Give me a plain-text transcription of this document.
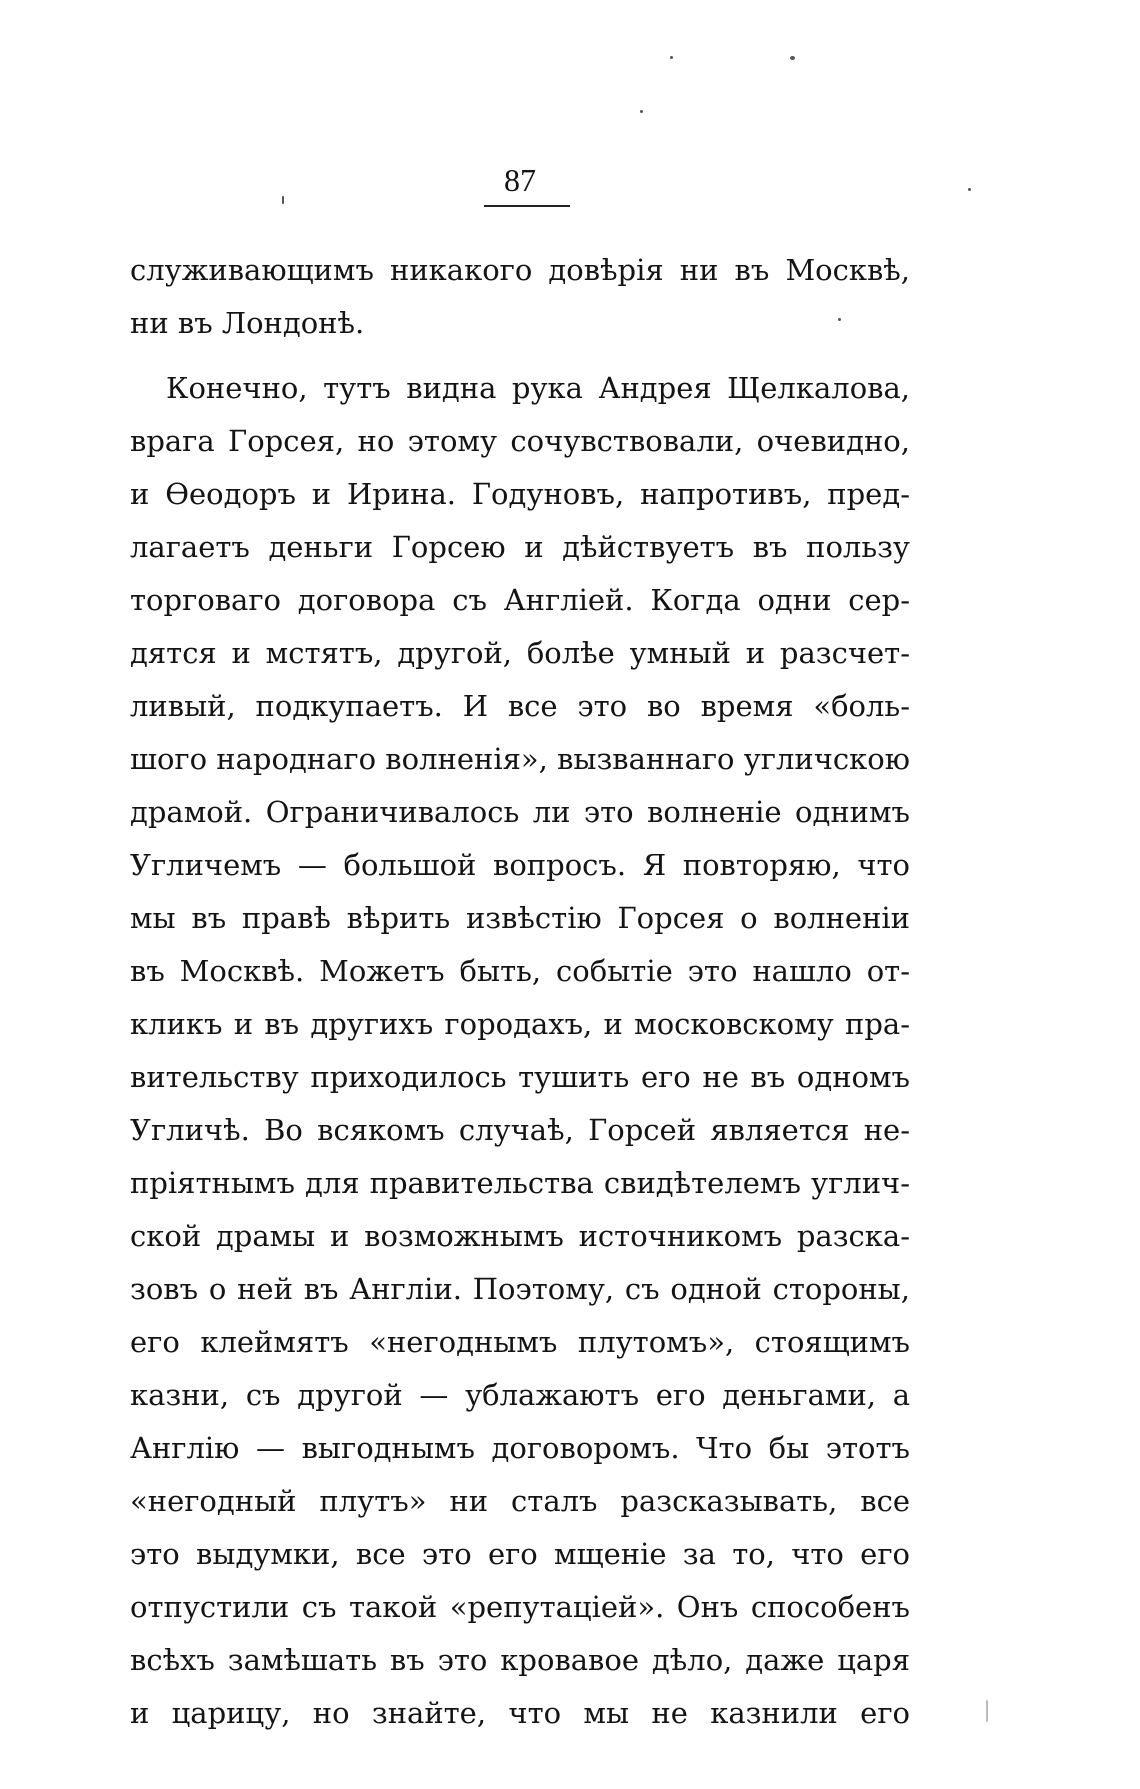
87
служивающимъ никакого довѣрія ни въ Москвѣ,
ни въ Лондонѣ.
Конечно, тутъ видна рука Андрея Щелкалова,
врага Горсея, но этому сочувствовали, очевидно,
и Ѳеодоръ и Ирина. Годуновъ, напротивъ, пред-
лагаетъ деньги Горсею и дѣйствуетъ въ пользу
торговаго договора съ Англіей. Когда одни сер-
дятся и мстятъ, другой, болѣе умный и разсчет-
ливый, подкупаетъ. И все это во время «боль-
шого народнаго волненія», вызваннаго угличскою
драмой. Ограничивалось ли это волненіе однимъ
Угличемъ — большой вопросъ. Я повторяю, что
мы въ правѣ вѣрить извѣстію Горсея о волненіи
въ Москвѣ. Можетъ быть, событіе это нашло от-
кликъ и въ другихъ городахъ, и московскому пра-
вительству приходилось тушить его не въ одномъ
Угличѣ. Во всякомъ случаѣ, Горсей является не-
пріятнымъ для правительства свидѣтелемъ углич-
ской драмы и возможнымъ источникомъ разска-
зовъ о ней въ Англіи. Поэтому, съ одной стороны,
его клеймятъ «негоднымъ плутомъ», стоящимъ
казни, съ другой — ублажаютъ его деньгами, а
Англію — выгоднымъ договоромъ. Что бы этотъ
«негодный плутъ» ни сталъ разсказывать, все
это выдумки, все это его мщеніе за то, что его
отпустили съ такой «репутаціей». Онъ способенъ
всѣхъ замѣшать въ это кровавое дѣло, даже царя
и царицу, но знайте, что мы не казнили его
